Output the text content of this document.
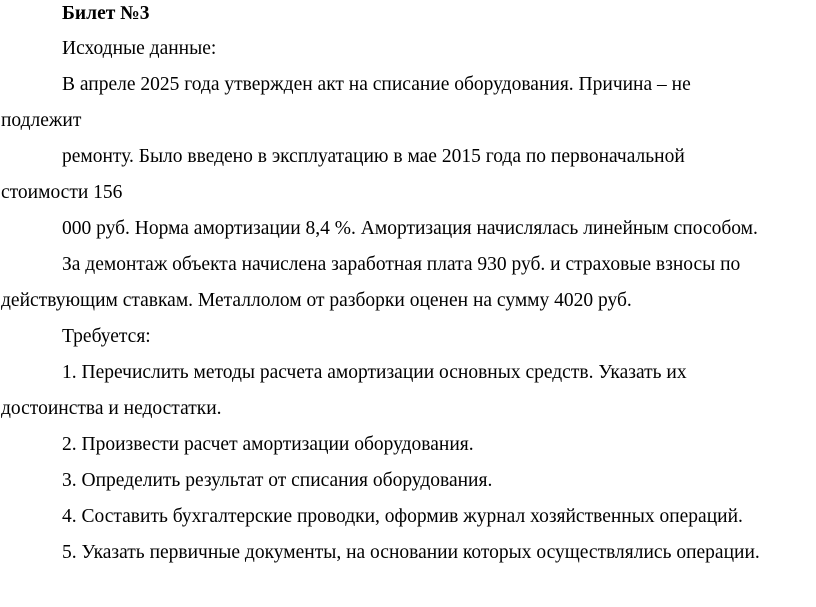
Билет №3
Исходные данные:
В апреле 2025 года утвержден акт на списание оборудования. Причина – не
подлежит
ремонту. Было введено в эксплуатацию в мае 2015 года по первоначальной
стоимости 156
000 руб. Норма амортизации 8,4 %. Амортизация начислялась линейным способом.
За демонтаж объекта начислена заработная плата 930 руб. и страховые взносы по
действующим ставкам. Металлолом от разборки оценен на сумму 4020 руб.
Требуется:
1. Перечислить методы расчета амортизации основных средств. Указать их
достоинства и недостатки.
2. Произвести расчет амортизации оборудования.
3. Определить результат от списания оборудования.
4. Составить бухгалтерские проводки, оформив журнал хозяйственных операций.
5. Указать первичные документы, на основании которых осуществлялись операции.
